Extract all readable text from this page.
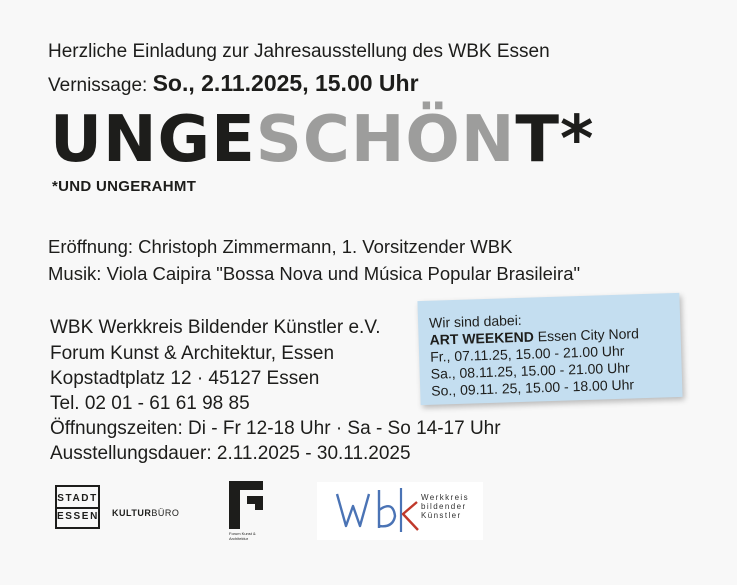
Herzliche Einladung zur Jahresausstellung des WBK Essen
Vernissage: So., 2.11.2025, 15.00 Uhr
UNGESCHÖNT*
*UND UNGERAHMT
Eröffnung: Christoph Zimmermann, 1. Vorsitzender WBK
Musik: Viola Caipira "Bossa Nova und Música Popular Brasileira"
WBK Werkkreis Bildender Künstler e.V.
Forum Kunst & Architektur, Essen
Kopstadtplatz 12 · 45127 Essen
Tel. 02 01 - 61 61 98 85
Öffnungszeiten: Di - Fr 12-18 Uhr · Sa - So 14-17 Uhr
Ausstellungsdauer: 2.11.2025 - 30.11.2025
Wir sind dabei:
ART WEEKEND Essen City Nord
Fr., 07.11.25, 15.00 - 21.00 Uhr
Sa., 08.11.25, 15.00 - 21.00 Uhr
So., 09.11. 25, 15.00 - 18.00 Uhr
STADT
ESSEN KULTURBÜRO
Forum Kunst & Architektur
Werkkreis
bildender
Künstler
